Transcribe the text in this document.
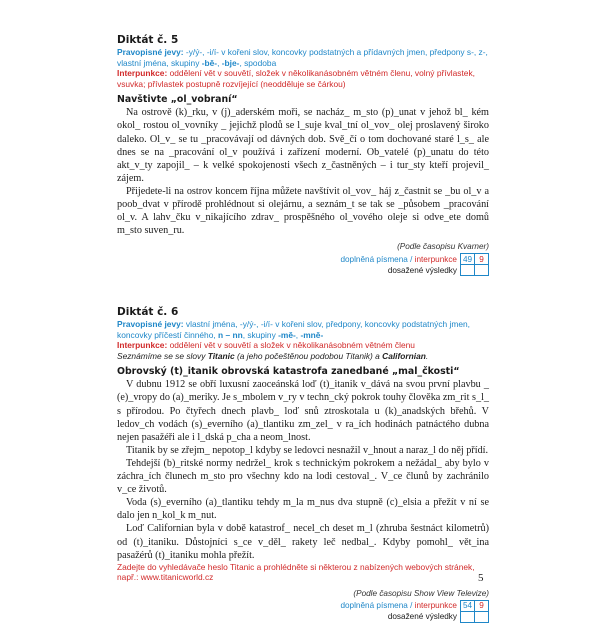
Diktát č. 5
Pravopisné jevy: -y/ý-, -i/í- v kořeni slov, koncovky podstatných a přídavných jmen, předpony s-, z-, vlastní jména, skupiny -bě-, -bje-, spodoba
Interpunkce: oddělení vět v souvětí, složek v několikanásobném větném členu, volný přívlastek, vsuvka; přívlastek postupně rozvíjející (neodděluje se čárkou)
Navštivte „ol_vobraní“

Na ostrově (k)_rku, v (j)_aderském moři, se nacház_ m_sto (p)_unat v jehož bl_ kém okol_ rostou ol_vovníky _ jejichž plodů se l_suje kval_tní ol_vov_ olej proslavený široko daleko. Ol_v_ se tu _pracovávají od dávných dob. Svě_čí o tom dochované staré l_s_ ale dnes se na _pracování ol_v používá i zařízení moderní. Ob_vatelé (p)_unatu do této akt_v_ty zapojil_ – k velké spokojenosti všech z_častněných – i tur_sty kteří projevil_ zájem.

Přijedete-li na ostrov koncem října můžete navštívit ol_vov_ háj z_častnit se _bu ol_v a poob_dvat v přírodě prohlédnout si olejárnu, a seznám_t se tak se _působem _pracování ol_v. A lahv_čku v_nikajícího zdrav_ prospěšného ol_vového oleje si odve_ete domů m_sto suven_ru.

(Podle časopisu Kvarner)
doplněná písmena / interpunkce	49	9
dosažené výsledky		
Diktát č. 6
Pravopisné jevy: vlastní jména, -y/ý-, -i/í- v kořeni slov, předpony, koncovky podstatných jmen, koncovky příčestí činného, n – nn, skupiny -mě-, -mně-
Interpunkce: oddělení vět v souvětí a složek v několikanásobném větném členu
Seznámíme se se slovy Titanic (a jeho počeštěnou podobou Titanik) a Californian.
Obrovský (t)_itanik obrovská katastrofa zanedbané „mal_čkosti“

V dubnu 1912 se obří luxusní zaoceánská loď (t)_itanik v_dává na svou první plavbu _ (e)_vropy do (a)_meriky. Je s_mbolem v_ry v techn_cký pokrok touhy člověka zm_rit s_l_ s přírodou. Po čtyřech dnech plavb_ loď snů ztroskotala u (k)_anadských břehů. V ledov_ch vodách (s)_everního (a)_tlantiku zm_zel_ v ra_ích hodinách patnáctého dubna nejen pasažéři ale i l_dská p_cha a neom_lnost.

Titanik by se zřejm_ nepotop_l kdyby se ledovci nesnažil v_hnout a naraz_l do něj přídí.

Tehdejší (b)_ritské normy nedržel_ krok s technickým pokrokem a nežádal_ aby bylo v záchra_ích člunech m_sto pro všechny kdo na lodi cestoval_. V_ce člunů by zachránilo v_ce životů.

Voda (s)_everního (a)_tlantiku tehdy m_la m_nus dva stupně (c)_elsia a přežít v ní se dalo jen n_kol_k m_nut.

Loď Californian byla v době katastrof_ necel_ch deset m_l (zhruba šestnáct kilometrů) od (t)_itaniku. Důstojníci s_ce v_děl_ rakety leč nedbal_. Kdyby pomohl_ vět_ina pasažérů (t)_itaniku mohla přežít.

Zadejte do vyhledávače heslo Titanic a prohlédněte si některou z nabízených webových stránek, např.: www.titanicworld.cz
(Podle časopisu Show View Televize)
doplněná písmena / interpunkce	54	9
dosažené výsledky		
5
